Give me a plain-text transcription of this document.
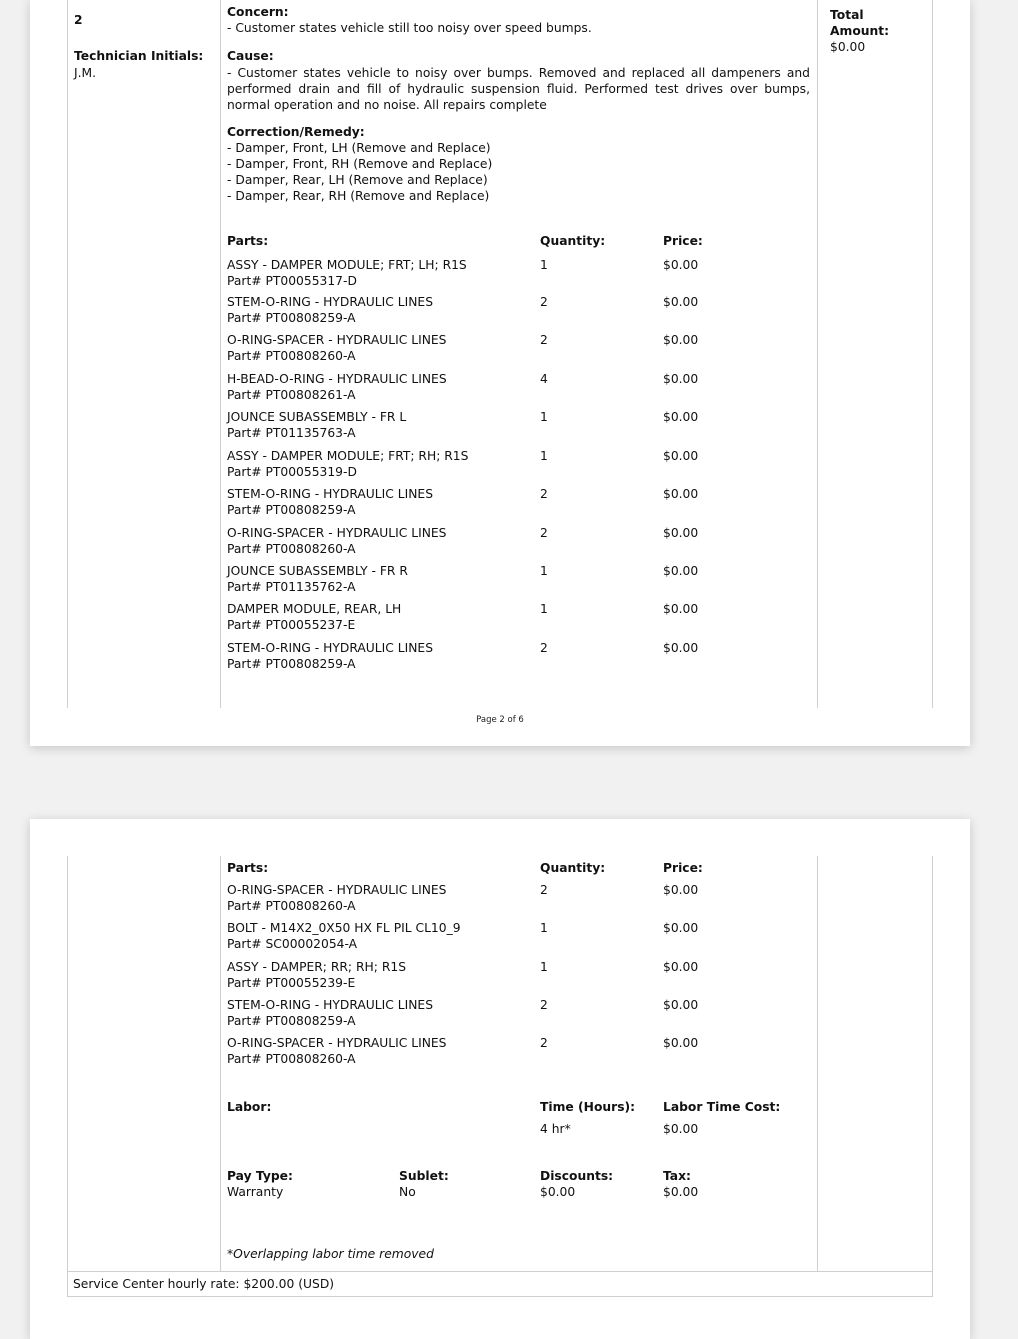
2
Technician Initials:
J.M.
Concern:
- Customer states vehicle still too noisy over speed bumps.
Cause:
- Customer states vehicle to noisy over bumps. Removed and replaced all dampeners and performed drain and fill of hydraulic suspension fluid. Performed test drives over bumps, normal operation and no noise. All repairs complete
Correction/Remedy:
- Damper, Front, LH (Remove and Replace)
- Damper, Front, RH (Remove and Replace)
- Damper, Rear, LH (Remove and Replace)
- Damper, Rear, RH (Remove and Replace)
Parts:	Quantity:	Price:
ASSY - DAMPER MODULE; FRT; LH; R1S
Part# PT00055317-D
1	$0.00
STEM-O-RING - HYDRAULIC LINES
Part# PT00808259-A
2	$0.00
O-RING-SPACER - HYDRAULIC LINES
Part# PT00808260-A
2	$0.00
H-BEAD-O-RING - HYDRAULIC LINES
Part# PT00808261-A
4	$0.00
JOUNCE SUBASSEMBLY - FR L
Part# PT01135763-A
1	$0.00
ASSY - DAMPER MODULE; FRT; RH; R1S
Part# PT00055319-D
1	$0.00
STEM-O-RING - HYDRAULIC LINES
Part# PT00808259-A
2	$0.00
O-RING-SPACER - HYDRAULIC LINES
Part# PT00808260-A
2	$0.00
JOUNCE SUBASSEMBLY - FR R
Part# PT01135762-A
1	$0.00
DAMPER MODULE, REAR, LH
Part# PT00055237-E
1	$0.00
STEM-O-RING - HYDRAULIC LINES
Part# PT00808259-A
2	$0.00
Total
Amount:
$0.00
Page 2 of 6
Parts:	Quantity:	Price:
O-RING-SPACER - HYDRAULIC LINES
Part# PT00808260-A
2	$0.00
BOLT - M14X2_0X50 HX FL PIL CL10_9
Part# SC00002054-A
1	$0.00
ASSY - DAMPER; RR; RH; R1S
Part# PT00055239-E
1	$0.00
STEM-O-RING - HYDRAULIC LINES
Part# PT00808259-A
2	$0.00
O-RING-SPACER - HYDRAULIC LINES
Part# PT00808260-A
2	$0.00
Labor:	Time (Hours):
4 hr*
Labor Time Cost:
$0.00
Pay Type:
Warranty
Sublet:
No
Discounts:
$0.00
Tax:
$0.00
*Overlapping labor time removed
Service Center hourly rate: $200.00 (USD)
